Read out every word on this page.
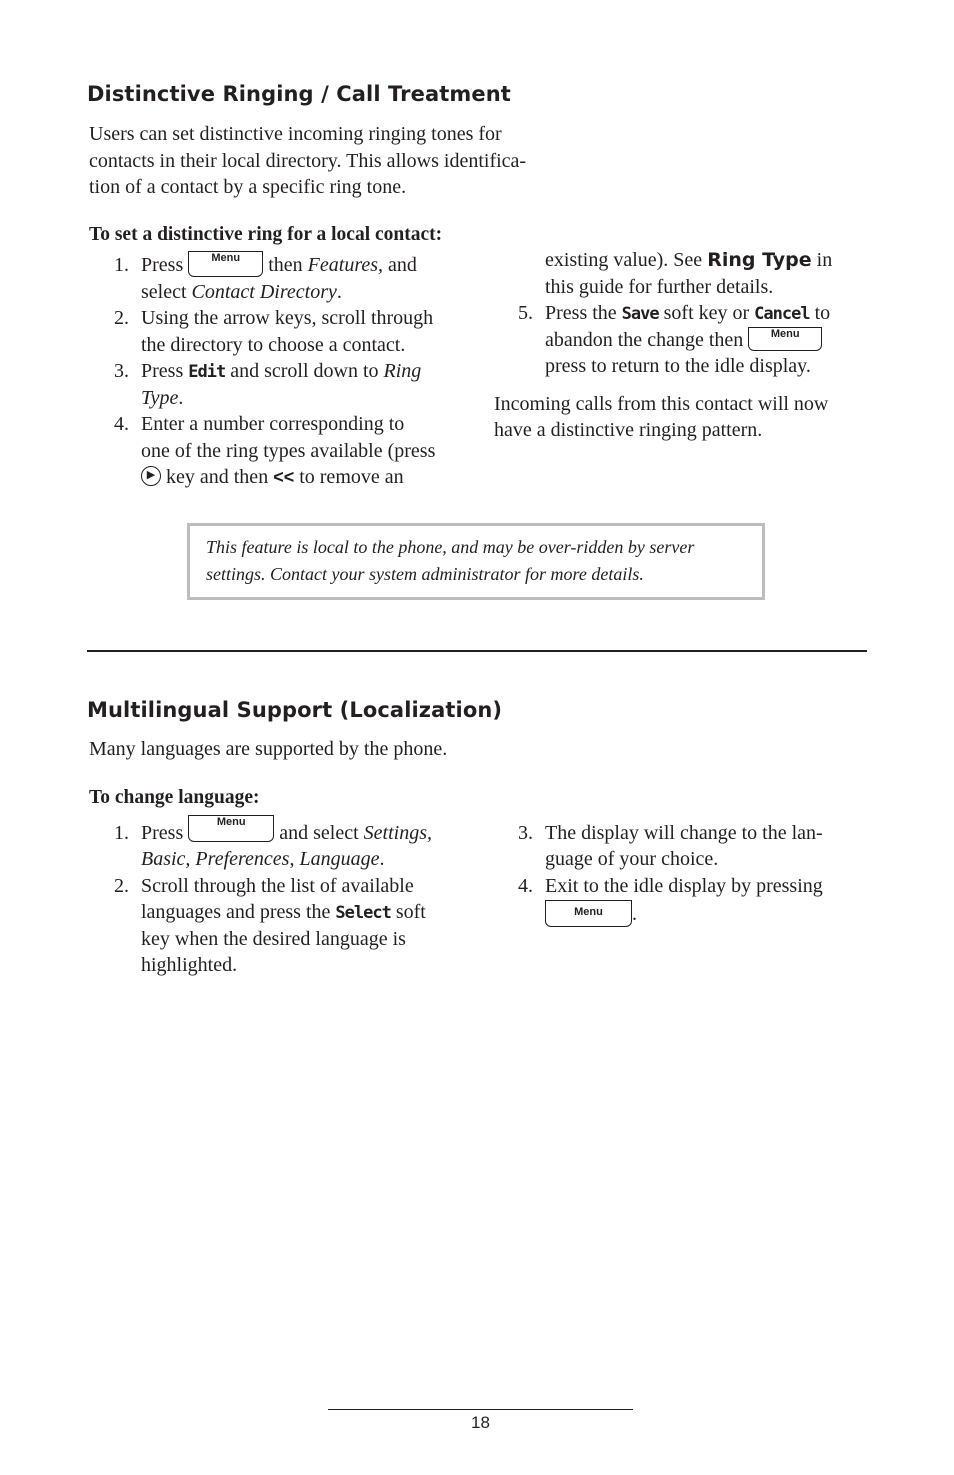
Distinctive Ringing / Call Treatment
Users can set distinctive incoming ringing tones for
contacts in their local directory. This allows identifica-
tion of a contact by a specific ring tone.
To set a distinctive ring for a local contact:
1. Press Menu then Features, and
select Contact Directory.
2. Using the arrow keys, scroll through
the directory to choose a contact.
3. Press Edit and scroll down to Ring
Type.
4. Enter a number corresponding to
one of the ring types available (press
▶ key and then << to remove an
existing value). See Ring Type in
this guide for further details.
5. Press the Save soft key or Cancel to
abandon the change then Menu
press to return to the idle display.
Incoming calls from this contact will now
have a distinctive ringing pattern.
This feature is local to the phone, and may be over-ridden by server
settings. Contact your system administrator for more details.
Multilingual Support (Localization)
Many languages are supported by the phone.
To change language:
1. Press Menu and select Settings,
Basic, Preferences, Language.
2. Scroll through the list of available
languages and press the Select soft
key when the desired language is
highlighted.
3. The display will change to the lan-
guage of your choice.
4. Exit to the idle display by pressing
Menu .
18
